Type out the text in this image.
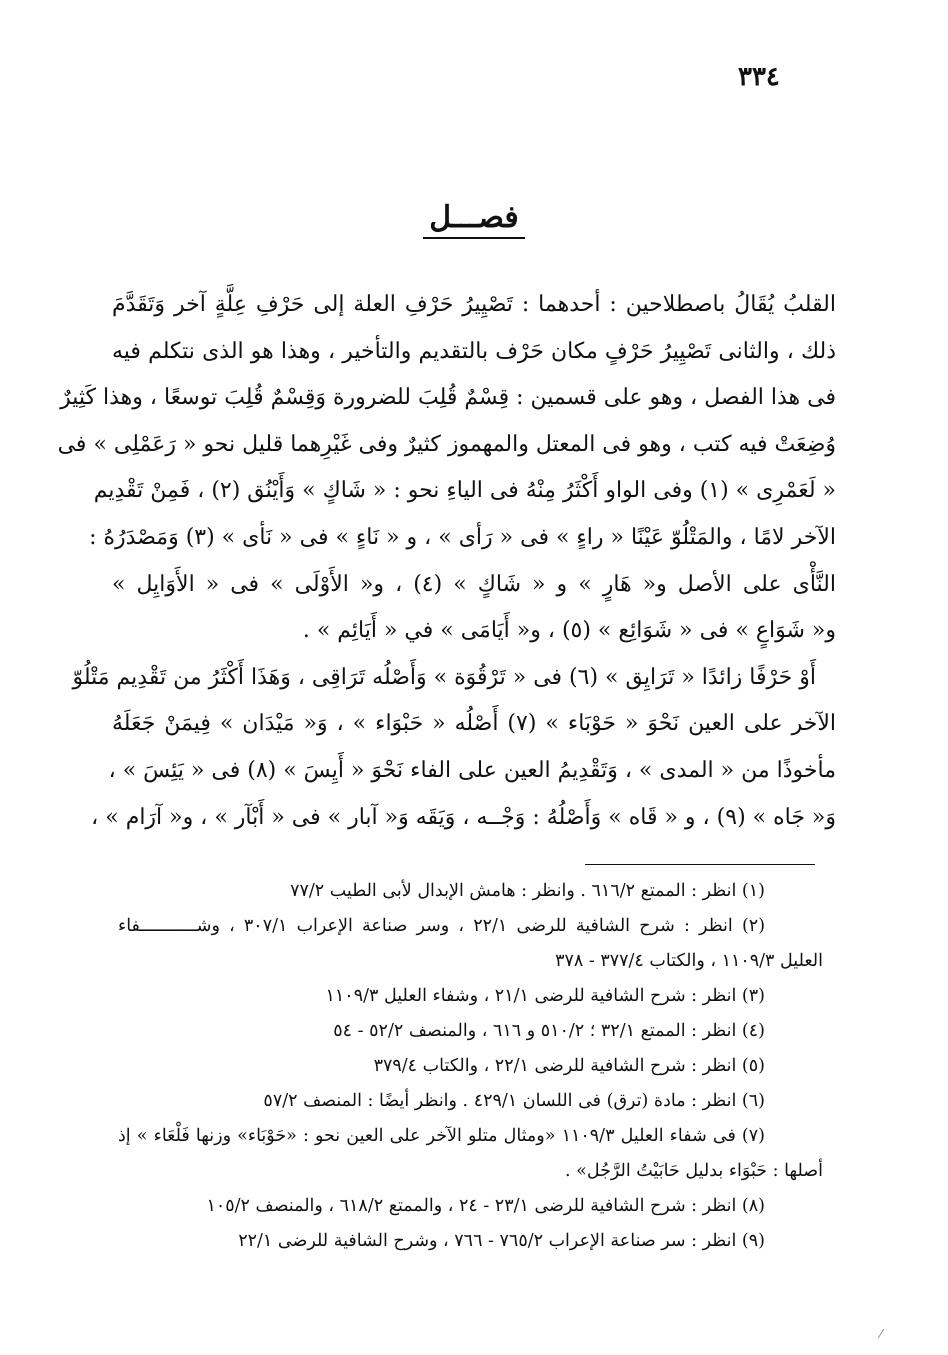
٣٣٤
فصـــل
القلبُ يُقَالُ باصطلاحين : أحدهما : تَصْيِيرُ حَرْفِ العلة إلى حَرْفِ عِلَّةٍ آخر وَتَقَدَّمَ
ذلك ، والثانى تَصْيِيرُ حَرْفٍ مكان حَرْف بالتقديم والتأخير ، وهذا هو الذى نتكلم فيه
فى هذا الفصل ، وهو على قسمين : قِسْمٌ قُلِبَ للضرورة وَقِسْمٌ قُلِبَ توسعًا ، وهذا كَثِيرٌ
وُضِعَتْ فيه كتب ، وهو فى المعتل والمهموز كثيرٌ وفى غَيْرِهما قليل نحو « رَعَمْلِى » فى
« لَعَمْرِى » (١) وفى الواو أَكْثَرُ مِنْهُ فى الياءِ نحو : « شَاكٍ » وَأَيْنُق (٢) ، فَمِنْ تَقْدِيم
الآخر لامًا ، والمَتْلُوّ عَيْنًا « راءٍ » فى « رَأى » ، و « نَاءٍ » فى « نَأى » (٣) وَمَصْدَرُهُ :
النَّأْى على الأصل و« هَارٍ » و « شَاكٍ » (٤) ، و« الأَوْلَى » فى « الأَوَايِل »
و« شَوَاعٍ » فى « شَوَائِع » (٥) ، و« أَيَامَى » في « أَيَائِم » .
أَوْ حَرْفًا زائدًا « تَرَايِق » (٦) فى « تَرْقُوَة » وَأَصْلُه تَرَاقِى ، وَهَذَا أَكْثَرُ من تَقْدِيم مَتْلُوّ
الآخر على العين نَحْوَ « حَوْبَاء » (٧) أَصْلُه « حَبْوَاء » ، وَ« مَيْدَان » فِيمَنْ جَعَلَهُ
مأخوذًا من « المدى » ، وَتَقْدِيمُ العين على الفاء نَحْوَ « أَيِسَ » (٨) فى « يَئِسَ » ،
وَ« جَاه » (٩) ، و « قَاه » وَأَصْلُهُ : وَجْــه ، وَيَقَه وَ« آبار » فى « أَبْآر » ، و« آرَام » ،
(١) انظر : الممتع ٦١٦/٢ . وانظر : هامش الإبدال لأبى الطيب ٧٧/٢
(٢) انظر : شرح الشافية للرضى ٢٢/١ ، وسر صناعة الإعراب ٣٠٧/١ ، وشـــــــــــفاء
العليل ١١٠٩/٣ ، والكتاب ٣٧٧/٤ - ٣٧٨
(٣) انظر : شرح الشافية للرضى ٢١/١ ، وشفاء العليل ١١٠٩/٣
(٤) انظر : الممتع ٣٢/١ ؛ ٥١٠/٢ و ٦١٦ ، والمنصف ٥٢/٢ - ٥٤
(٥) انظر : شرح الشافية للرضى ٢٢/١ ، والكتاب ٣٧٩/٤
(٦) انظر : مادة (ترق) فى اللسان ٤٢٩/١ . وانظر أيضًا : المنصف ٥٧/٢
(٧) فى شفاء العليل ١١٠٩/٣ «ومثال متلو الآخر على العين نحو : «حَوْبَاء» وزنها فَلْعَاء » إذ
أصلها : حَبْوَاء بدليل حَابَيْتُ الرَّجُل» .
(٨) انظر : شرح الشافية للرضى ٢٣/١ - ٢٤ ، والممتع ٦١٨/٢ ، والمنصف ١٠٥/٢
(٩) انظر : سر صناعة الإعراب ٧٦٥/٢ - ٧٦٦ ، وشرح الشافية للرضى ٢٢/١
⁄
